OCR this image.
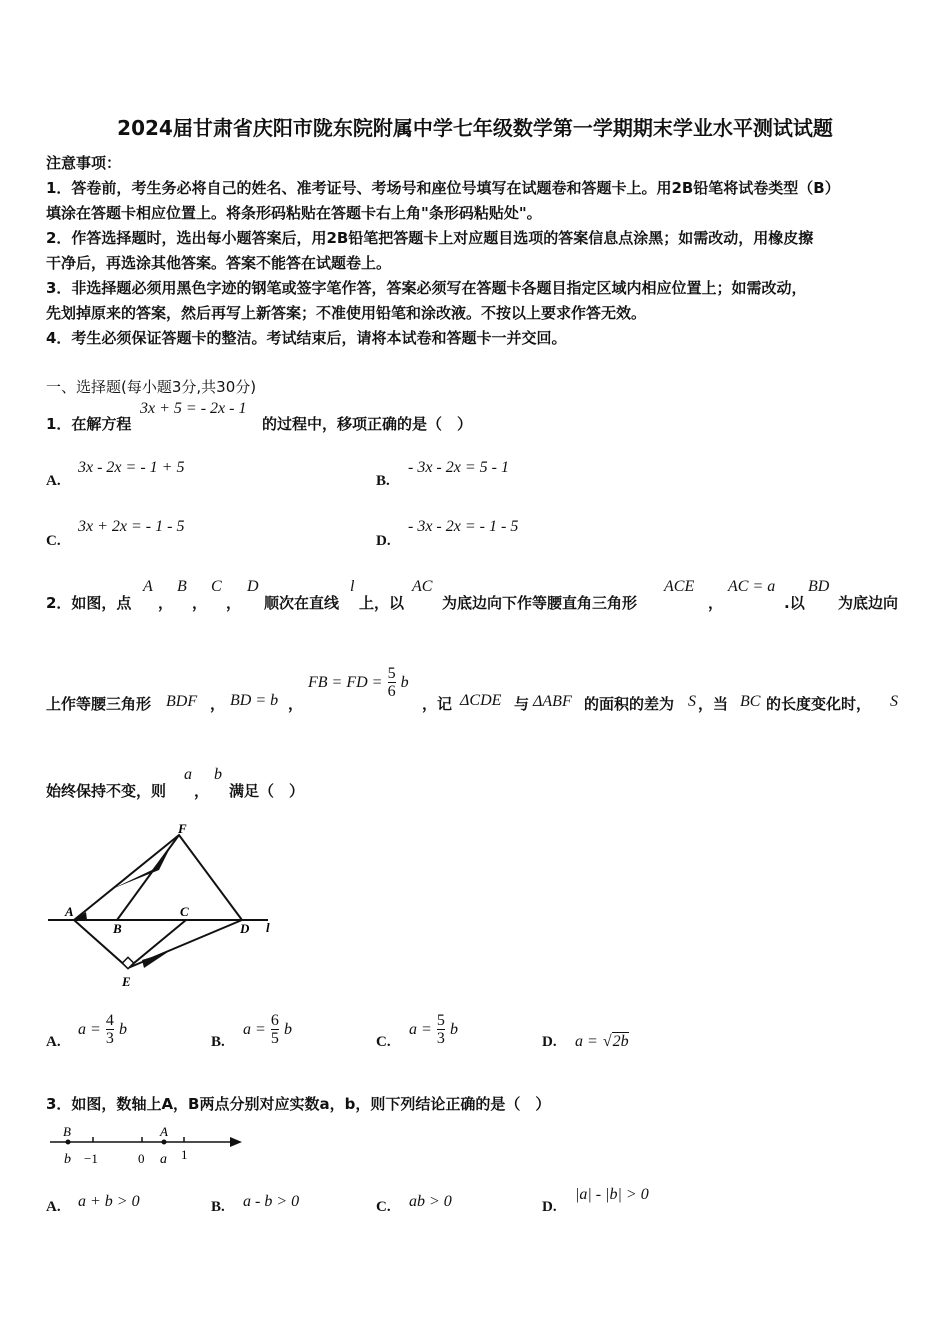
2024届甘肃省庆阳市陇东院附属中学七年级数学第一学期期末学业水平测试试题
注意事项：
1．答卷前，考生务必将自己的姓名、准考证号、考场号和座位号填写在试题卷和答题卡上。用2B铅笔将试卷类型（B）
填涂在答题卡相应位置上。将条形码粘贴在答题卡右上角"条形码粘贴处"。
2．作答选择题时，选出每小题答案后，用2B铅笔把答题卡上对应题目选项的答案信息点涂黑；如需改动，用橡皮擦
干净后，再选涂其他答案。答案不能答在试题卷上。
3．非选择题必须用黑色字迹的钢笔或签字笔作答，答案必须写在答题卡各题目指定区域内相应位置上；如需改动，
先划掉原来的答案，然后再写上新答案；不准使用铅笔和涂改液。不按以上要求作答无效。
4．考生必须保证答题卡的整洁。考试结束后，请将本试卷和答题卡一并交回。
一、选择题(每小题3分,共30分)
1．在解方程
3x + 5 = - 2x - 1
的过程中，移项正确的是（　）
A.
3x - 2x = - 1 + 5
B.
- 3x - 2x = 5 - 1
C.
3x + 2x = - 1 - 5
D.
- 3x - 2x = - 1 - 5
2．如图，点
A
，
B
，
C
，
D
顺次在直线
l
上，以
AC
为底边向下作等腰直角三角形
ACE
，
AC = a
.以
BD
为底边向
上作等腰三角形 BDF ， BD = b ，
FB = FD = $\frac{5}{6}$ b
，记 ΔCDE 与 ΔABF 的面积的差为 S ，当 BC 的长度变化时， S
始终保持不变，则
a
，
b
满足（　）
F
A
B
C
D l
E
A.
$a = \frac{4}{3}$ b
B.
$a = \frac{6}{5}$ b
C.
$a = \frac{5}{3}$ b
D. a = √2b
3．如图，数轴上A，B两点分别对应实数a，b，则下列结论正确的是（　）
B
b −1	0
A
a 1
A. a + b > 0	B. a - b > 0	C. ab > 0	D.
|a| - |b| > 0
